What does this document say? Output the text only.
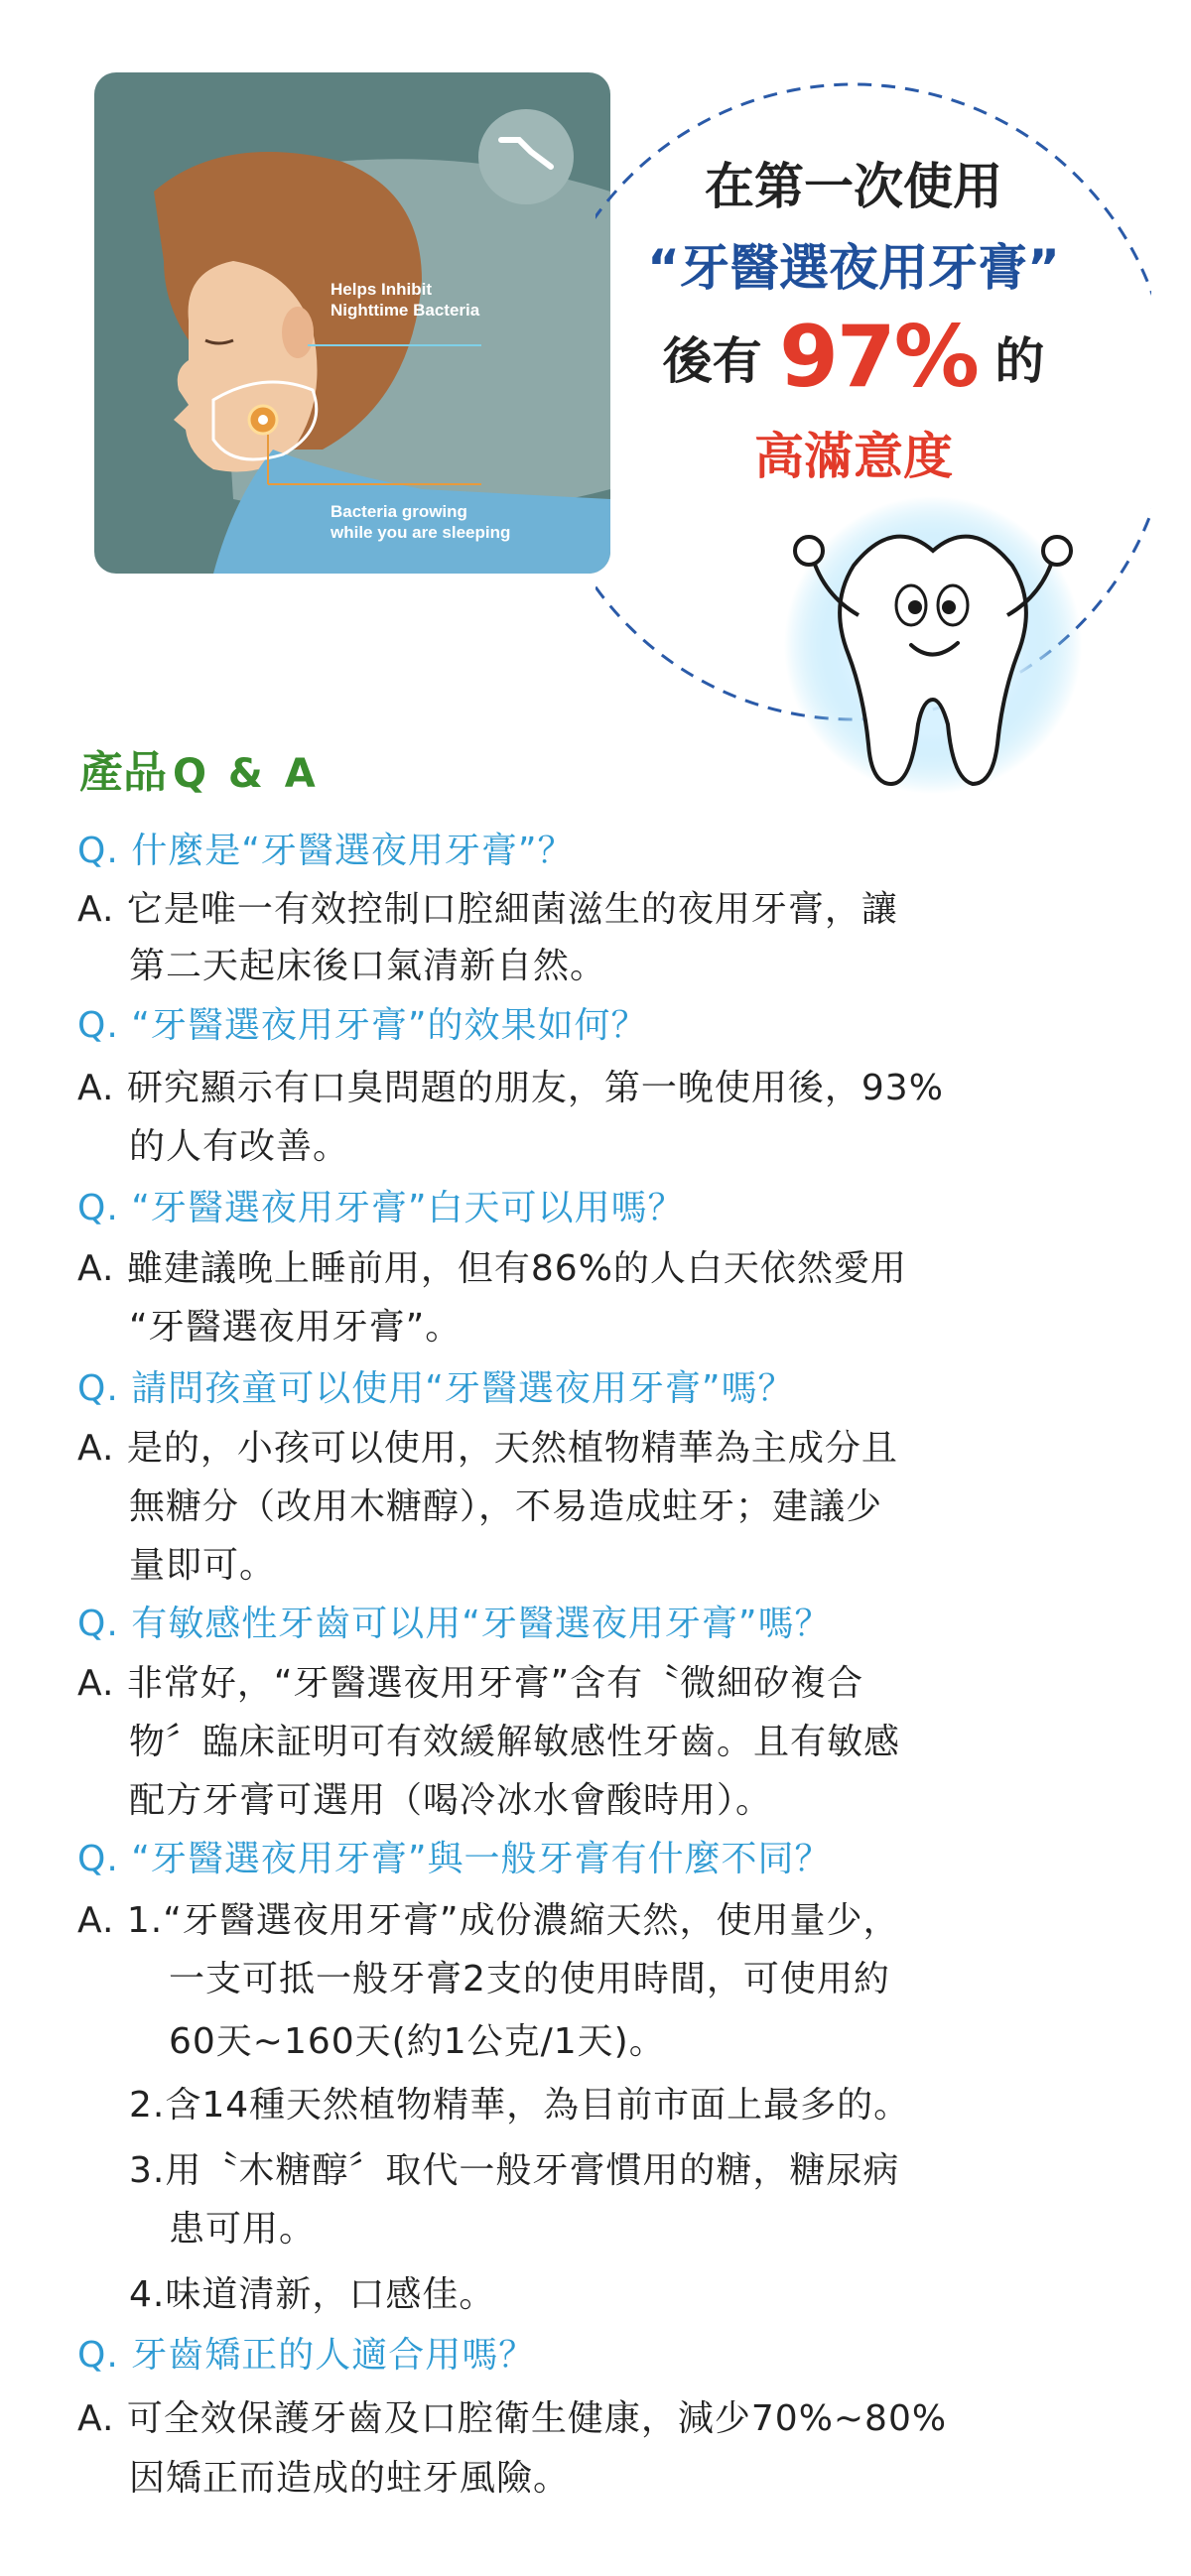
Helps Inhibit
Nighttime Bacteria
Bacteria growing
while you are sleeping
在第一次使用
“牙醫選夜用牙膏”
後有 97% 的
高滿意度
產品 Q & A
Q. 什麼是“牙醫選夜用牙膏”？
A. 它是唯一有效控制口腔細菌滋生的夜用牙膏，讓
第二天起床後口氣清新自然。
Q. “牙醫選夜用牙膏”的效果如何？
A. 研究顯示有口臭問題的朋友，第一晚使用後，93%
的人有改善。
Q. “牙醫選夜用牙膏”白天可以用嗎？
A. 雖建議晚上睡前用，但有86%的人白天依然愛用
“牙醫選夜用牙膏”。
Q. 請問孩童可以使用“牙醫選夜用牙膏”嗎？
A. 是的，小孩可以使用，天然植物精華為主成分且
無糖分（改用木糖醇），不易造成蛀牙；建議少
量即可。
Q. 有敏感性牙齒可以用“牙醫選夜用牙膏”嗎？
A. 非常好，“牙醫選夜用牙膏”含有〝微細矽複合
物〞臨床証明可有效緩解敏感性牙齒。且有敏感
配方牙膏可選用（喝冷冰水會酸時用）。
Q. “牙醫選夜用牙膏”與一般牙膏有什麼不同？
A. 1.“牙醫選夜用牙膏”成份濃縮天然，使用量少，
一支可抵一般牙膏2支的使用時間，可使用約
60天~160天(約1公克/1天)。
2.含14種天然植物精華，為目前市面上最多的。
3.用〝木糖醇〞取代一般牙膏慣用的糖，糖尿病
患可用。
4.味道清新，口感佳。
Q. 牙齒矯正的人適合用嗎？
A. 可全效保護牙齒及口腔衛生健康，減少70%~80%
因矯正而造成的蛀牙風險。
